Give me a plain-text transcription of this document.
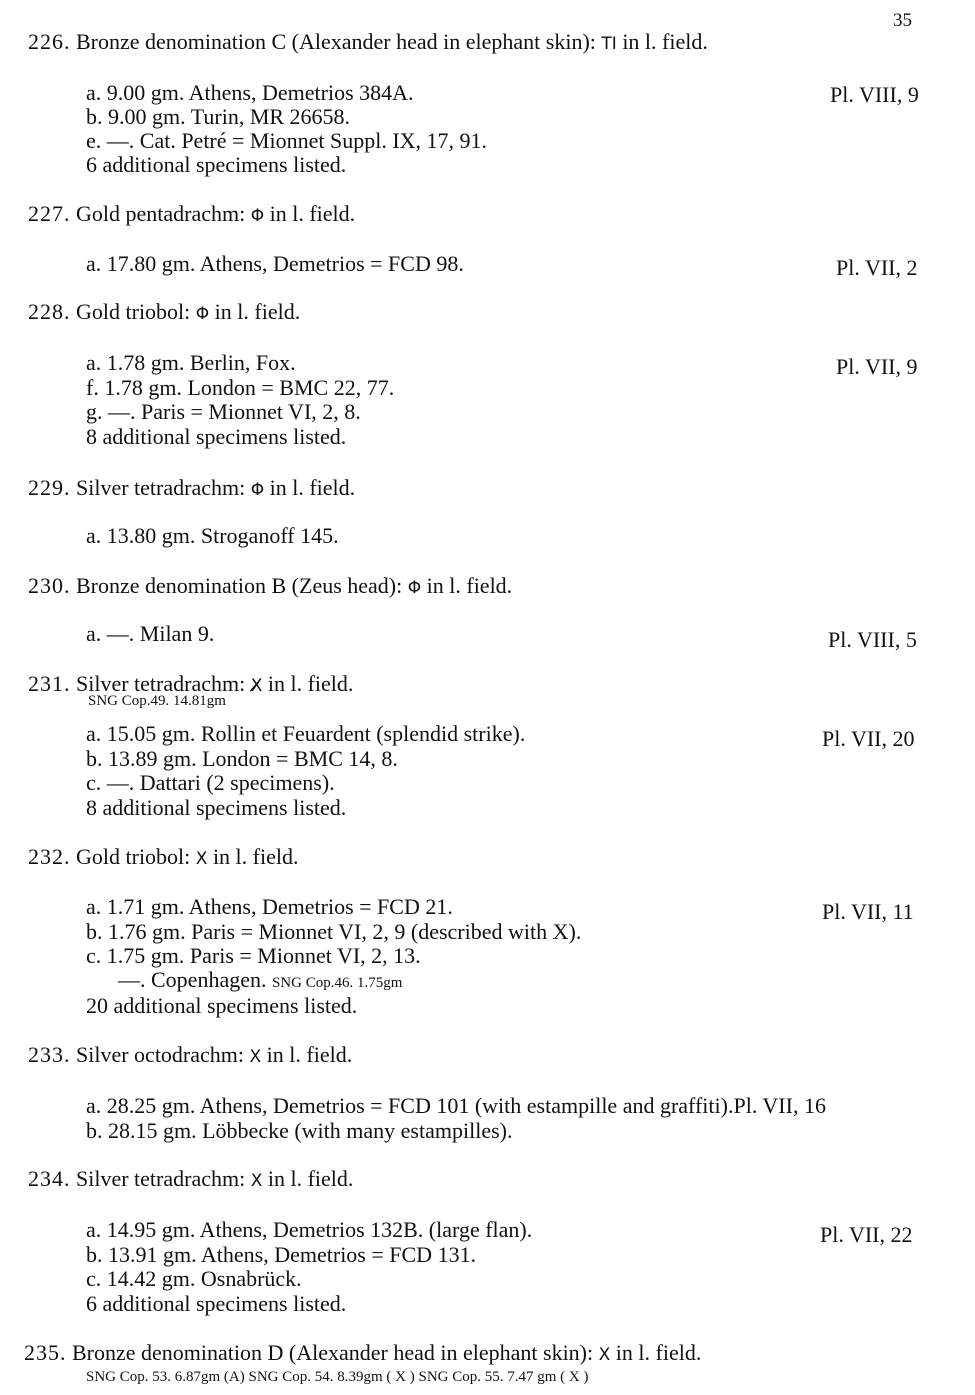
35
226. Bronze denomination C (Alexander head in elephant skin): ΤΙ in l. field.
a. 9.00 gm. Athens, Demetrios 384A.	Pl. VIII, 9
b. 9.00 gm. Turin, MR 26658.
e. —. Cat. Petré = Mionnet Suppl. IX, 17, 91.
6 additional specimens listed.
227. Gold pentadrachm: Φ in l. field.
a. 17.80 gm. Athens, Demetrios = FCD 98.	Pl. VII, 2
228. Gold triobol: Φ in l. field.
a. 1.78 gm. Berlin, Fox.	Pl. VII, 9
f. 1.78 gm. London = BMC 22, 77.
g. —. Paris = Mionnet VI, 2, 8.
8 additional specimens listed.
229. Silver tetradrachm: Φ in l. field.
a. 13.80 gm. Stroganoff 145.
230. Bronze denomination B (Zeus head): Φ in l. field.
a. —. Milan 9.	Pl. VIII, 5
231. Silver tetradrachm: X̸ in l. field.
SNG Cop.49. 14.81gm
a. 15.05 gm. Rollin et Feuardent (splendid strike).	Pl. VII, 20
b. 13.89 gm. London = BMC 14, 8.
c. —. Dattari (2 specimens).
8 additional specimens listed.
232. Gold triobol: Χ in l. field.
a. 1.71 gm. Athens, Demetrios = FCD 21.	Pl. VII, 11
b. 1.76 gm. Paris = Mionnet VI, 2, 9 (described with X).
c. 1.75 gm. Paris = Mionnet VI, 2, 13.
—. Copenhagen. SNG Cop.46. 1.75gm
20 additional specimens listed.
233. Silver octodrachm: Χ in l. field.
a. 28.25 gm. Athens, Demetrios = FCD 101 (with estampille and graffiti).Pl. VII, 16
b. 28.15 gm. Löbbecke (with many estampilles).
234. Silver tetradrachm: Χ in l. field.
a. 14.95 gm. Athens, Demetrios 132B. (large flan).	Pl. VII, 22
b. 13.91 gm. Athens, Demetrios = FCD 131.
c. 14.42 gm. Osnabrück.
6 additional specimens listed.
235. Bronze denomination D (Alexander head in elephant skin): Χ in l. field.
SNG Cop. 53. 6.87gm (A) SNG Cop. 54. 8.39gm ( X ) SNG Cop. 55. 7.47 gm ( X )
